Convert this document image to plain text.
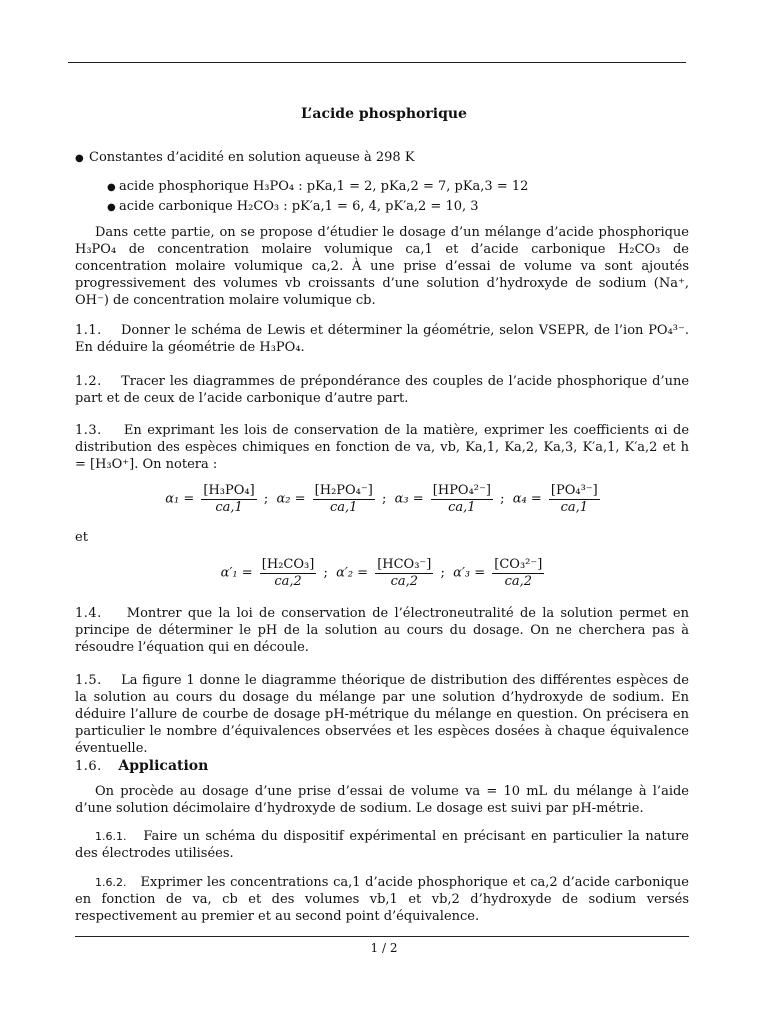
L’acide phosphorique
● Constantes d’acidité en solution aqueuse à 298 K
● acide phosphorique H₃PO₄ : pKa,1 = 2, pKa,2 = 7, pKa,3 = 12
● acide carbonique H₂CO₃ : pK′a,1 = 6, 4, pK′a,2 = 10, 3
Dans cette partie, on se propose d’étudier le dosage d’un mélange d’acide phosphorique H₃PO₄ de concentration molaire volumique ca,1 et d’acide carbonique H₂CO₃ de concentration molaire volumique ca,2. À une prise d’essai de volume va sont ajoutés progressivement des volumes vb croissants d’une solution d’hydroxyde de sodium (Na⁺, OH⁻) de concentration molaire volumique cb.
1.1. Donner le schéma de Lewis et déterminer la géométrie, selon VSEPR, de l’ion PO₄³⁻. En déduire la géométrie de H₃PO₄.
1.2. Tracer les diagrammes de prépondérance des couples de l’acide phosphorique d’une part et de ceux de l’acide carbonique d’autre part.
1.3. En exprimant les lois de conservation de la matière, exprimer les coefficients αi de distribution des espèces chimiques en fonction de va, vb, Ka,1, Ka,2, Ka,3, K′a,1, K′a,2 et h = [H₃O⁺]. On notera :
$\alpha_1 = \frac{\text{[H₃PO₄]}}{ca,1}$ ; $\alpha_2 = \frac{\text{[H₂PO₄⁻]}}{ca,1}$ ; $\alpha_3 = \frac{\text{[HPO₄²⁻]}}{ca,1}$ ; $\alpha_4 = \frac{\text{[PO₄³⁻]}}{ca,1}$
et
$\alpha'_1 = \frac{\text{[H₂CO₃]}}{ca,2}$ ; $\alpha'_2 = \frac{\text{[HCO₃⁻]}}{ca,2}$ ; $\alpha'_3 = \frac{\text{[CO₃²⁻]}}{ca,2}$
1.4. Montrer que la loi de conservation de l’électroneutralité de la solution permet en principe de déterminer le pH de la solution au cours du dosage. On ne cherchera pas à résoudre l’équation qui en découle.
1.5. La figure 1 donne le diagramme théorique de distribution des différentes espèces de la solution au cours du dosage du mélange par une solution d’hydroxyde de sodium. En déduire l’allure de courbe de dosage pH-métrique du mélange en question. On précisera en particulier le nombre d’équivalences observées et les espèces dosées à chaque équivalence éventuelle.
1.6. Application
On procède au dosage d’une prise d’essai de volume va = 10 mL du mélange à l’aide d’une solution décimolaire d’hydroxyde de sodium. Le dosage est suivi par pH-métrie.
1.6.1. Faire un schéma du dispositif expérimental en précisant en particulier la nature des électrodes utilisées.
1.6.2. Exprimer les concentrations ca,1 d’acide phosphorique et ca,2 d’acide carbonique en fonction de va, cb et des volumes vb,1 et vb,2 d’hydroxyde de sodium versés respectivement au premier et au second point d’équivalence.
1 / 2
